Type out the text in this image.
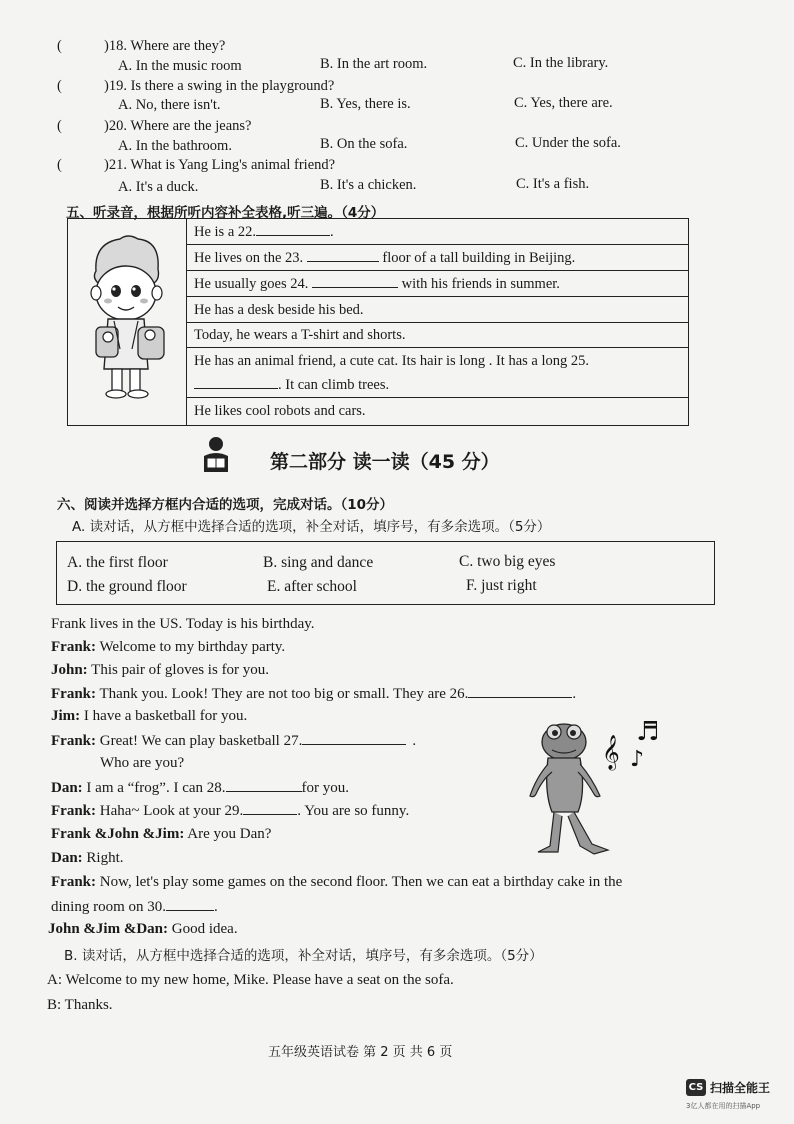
(	)18. Where are they?
A. In the music room	B. In the art room.	C. In the library.
(	)19. Is there a swing in the playground?
A. No, there isn't.	B. Yes, there is.	C. Yes, there are.
(	)20. Where are the jeans?
A. In the bathroom.	B. On the sofa.	C. Under the sofa.
(	)21. What is Yang Ling's animal friend?
A. It's a duck.	B. It's a chicken.	C. It's a fish.
五、听录音，根据所听内容补全表格,听三遍。（4分）
He is a 22.	.
He lives on the 23.	floor of a tall building in Beijing.
He usually goes 24.	with his friends in summer.
He has a desk beside his bed.
Today, he wears a T-shirt and shorts.
He has an animal friend, a cute cat. Its hair is long . It has a long 25.
. It can climb trees.
He likes cool robots and cars.
第二部分 读一读（45 分）
六、阅读并选择方框内合适的选项，完成对话。（10分）
A. 读对话，从方框中选择合适的选项，补全对话，填序号，有多余选项。（5分）
A. the first floor	B. sing and dance	C. two big eyes
D. the ground floor	E. after school	F. just right
Frank lives in the US. Today is his birthday.
Frank: Welcome to my birthday party.
John: This pair of gloves is for you.
Frank: Thank you. Look! They are not too big or small. They are 26.	.
Jim: I have a basketball for you.
Frank: Great! We can play basketball 27.	.
Who are you?
Dan: I am a “frog”. I can 28.	for you.
Frank: Haha~ Look at your 29.	. You are so funny.
Frank &John &Jim: Are you Dan?
Dan: Right.
Frank: Now, let's play some games on the second floor. Then we can eat a birthday cake in the
dining room on 30.	.
John &Jim &Dan: Good idea.
𝄞
♬
♪
B. 读对话，从方框中选择合适的选项，补全对话，填序号，有多余选项。（5分）
A: Welcome to my new home, Mike. Please have a seat on the sofa.
B: Thanks.
五年级英语试卷 第 2 页 共 6 页
CS 扫描全能王
3亿人都在用的扫描App
